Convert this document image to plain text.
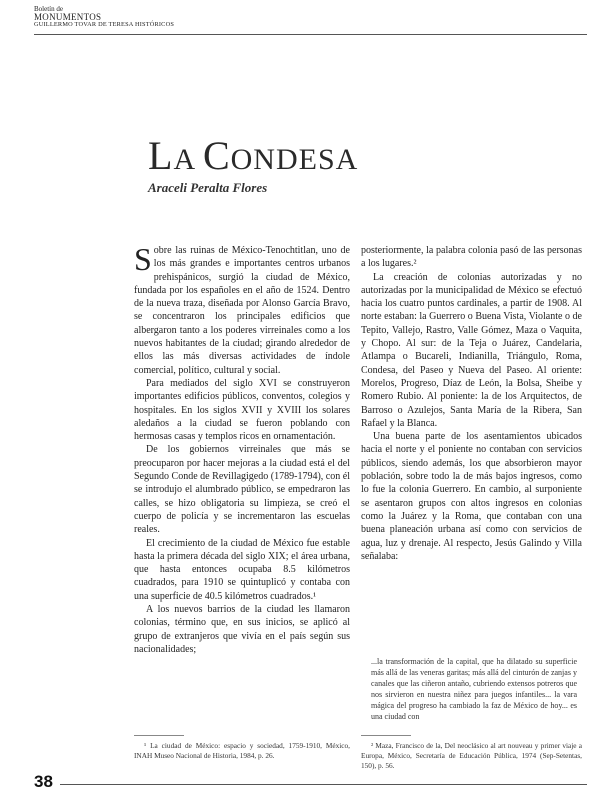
Boletín de
MONUMENTOS
GUILLERMO TOVAR DE TERESA HISTÓRICOS
LA CONDESA
Araceli Peralta Flores

Sobre las ruinas de México-Tenochtitlan, uno de los más grandes e importantes centros urbanos prehispánicos, surgió la ciudad de México, fundada por los españoles en el año de 1524. Dentro de la nueva traza, diseñada por Alonso García Bravo, se concentraron los principales edificios que albergaron tanto a los poderes virreinales como a los nuevos habitantes de la ciudad; girando alrededor de ellos las más diversas actividades de índole comercial, político, cultural y social.

Para mediados del siglo XVI se construyeron importantes edificios públicos, conventos, colegios y hospitales. En los siglos XVII y XVIII los solares aledaños a la ciudad se fueron poblando con hermosas casas y templos ricos en ornamentación.

De los gobiernos virreinales que más se preocuparon por hacer mejoras a la ciudad está el del Segundo Conde de Revillagigedo (1789-1794), con él se introdujo el alumbrado público, se empedraron las calles, se hizo obligatoria su limpieza, se creó el cuerpo de policía y se incrementaron las escuelas reales.

El crecimiento de la ciudad de México fue estable hasta la primera década del siglo XIX; el área urbana, que hasta entonces ocupaba 8.5 kilómetros cuadrados, para 1910 se quintuplicó y contaba con una superficie de 40.5 kilómetros cuadrados.¹

A los nuevos barrios de la ciudad les llamaron colonias, término que, en sus inicios, se aplicó al grupo de extranjeros que vivía en el país según sus nacionalidades;

posteriormente, la palabra colonia pasó de las personas a los lugares.²

La creación de colonias autorizadas y no autorizadas por la municipalidad de México se efectuó hacia los cuatro puntos cardinales, a partir de 1908. Al norte estaban: la Guerrero o Buena Vista, Violante o de Tepito, Vallejo, Rastro, Valle Gómez, Maza o Vaquita, y Chopo. Al sur: de la Teja o Juárez, Candelaria, Atlampa o Bucareli, Indianilla, Triángulo, Roma, Condesa, del Paseo y Nueva del Paseo. Al oriente: Morelos, Progreso, Díaz de León, la Bolsa, Sheibe y Romero Rubio. Al poniente: la de los Arquitectos, de Barroso o Azulejos, Santa María de la Ribera, San Rafael y la Blanca.

Una buena parte de los asentamientos ubicados hacia el norte y el poniente no contaban con servicios públicos, siendo además, los que absorbieron mayor población, sobre todo la de más bajos ingresos, como lo fue la colonia Guerrero. En cambio, al surponiente se asentaron grupos con altos ingresos en colonias como la Juárez y la Roma, que contaban con una buena planeación urbana así como con servicios de agua, luz y drenaje. Al respecto, Jesús Galindo y Villa señalaba:

...la transformación de la capital, que ha dilatado su superficie más allá de las veneras garitas; más allá del cinturón de zanjas y canales que las ciñeron antaño, cubriendo extensos potreros que nos sirvieron en nuestra niñez para juegos infantiles... la vara mágica del progreso ha cambiado la faz de México de hoy... es una ciudad con

¹ La ciudad de México: espacio y sociedad, 1759-1910, México, INAH Museo Nacional de Historia, 1984, p. 26.

² Maza, Francisco de la, Del neoclásico al art nouveau y primer viaje a Europa, México, Secretaría de Educación Pública, 1974 (Sep-Setentas, 150), p. 56.

38
